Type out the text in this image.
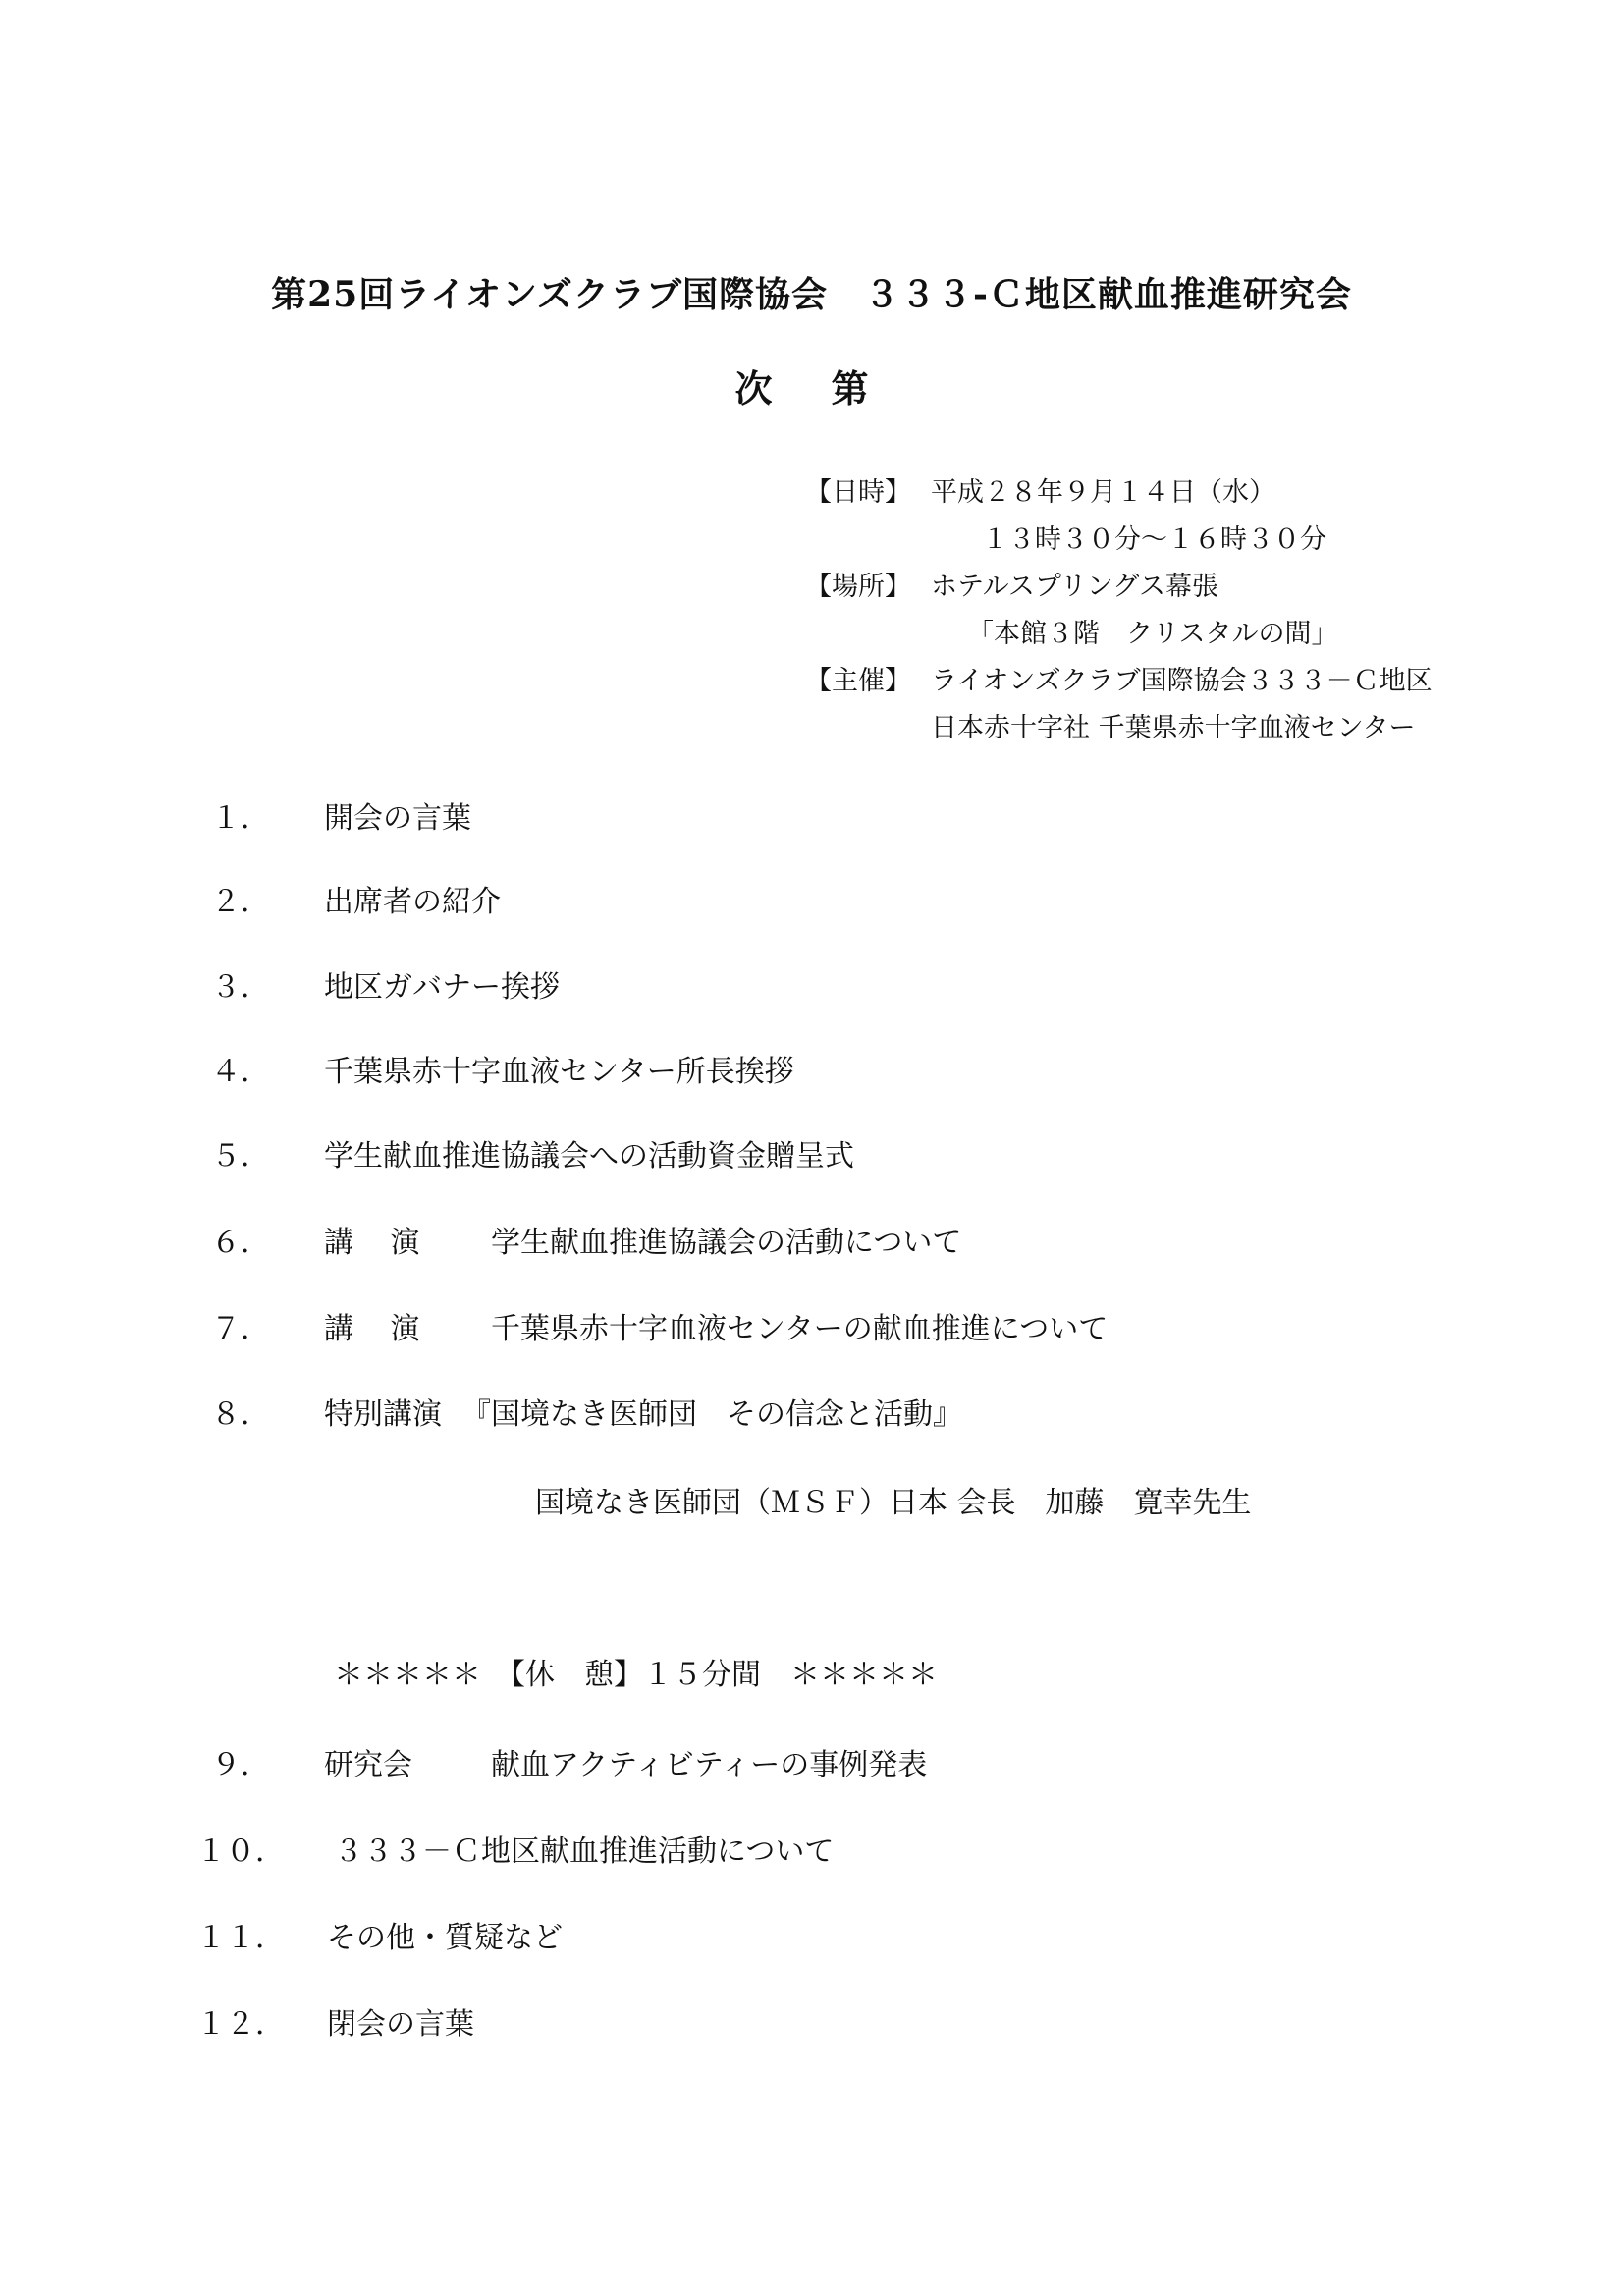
第25回ライオンズクラブ国際協会　３３３-Ｃ地区献血推進研究会
次第
【日時】 平成２８年９月１４日（水）
１３時３０分～１６時３０分
【場所】 ホテルスプリングス幕張
「本館３階　クリスタルの間」
【主催】 ライオンズクラブ国際協会３３３－Ｃ地区
日本赤十字社 千葉県赤十字血液センター
１． 開会の言葉
２． 出席者の紹介
３． 地区ガバナー挨拶
４． 千葉県赤十字血液センター所長挨拶
５． 学生献血推進協議会への活動資金贈呈式
６． 講 演 学生献血推進協議会の活動について
７． 講 演 千葉県赤十字血液センターの献血推進について
８． 特別講演 『国境なき医師団　その信念と活動』
国境なき医師団（ＭＳＦ）日本 会長　加藤　寛幸先生
＊＊＊＊＊　【休　憩】１５分間　＊＊＊＊＊
９． 研究会	献血アクティビティーの事例発表
１０． ３３３－Ｃ地区献血推進活動について
１１． その他・質疑など
１２． 閉会の言葉
